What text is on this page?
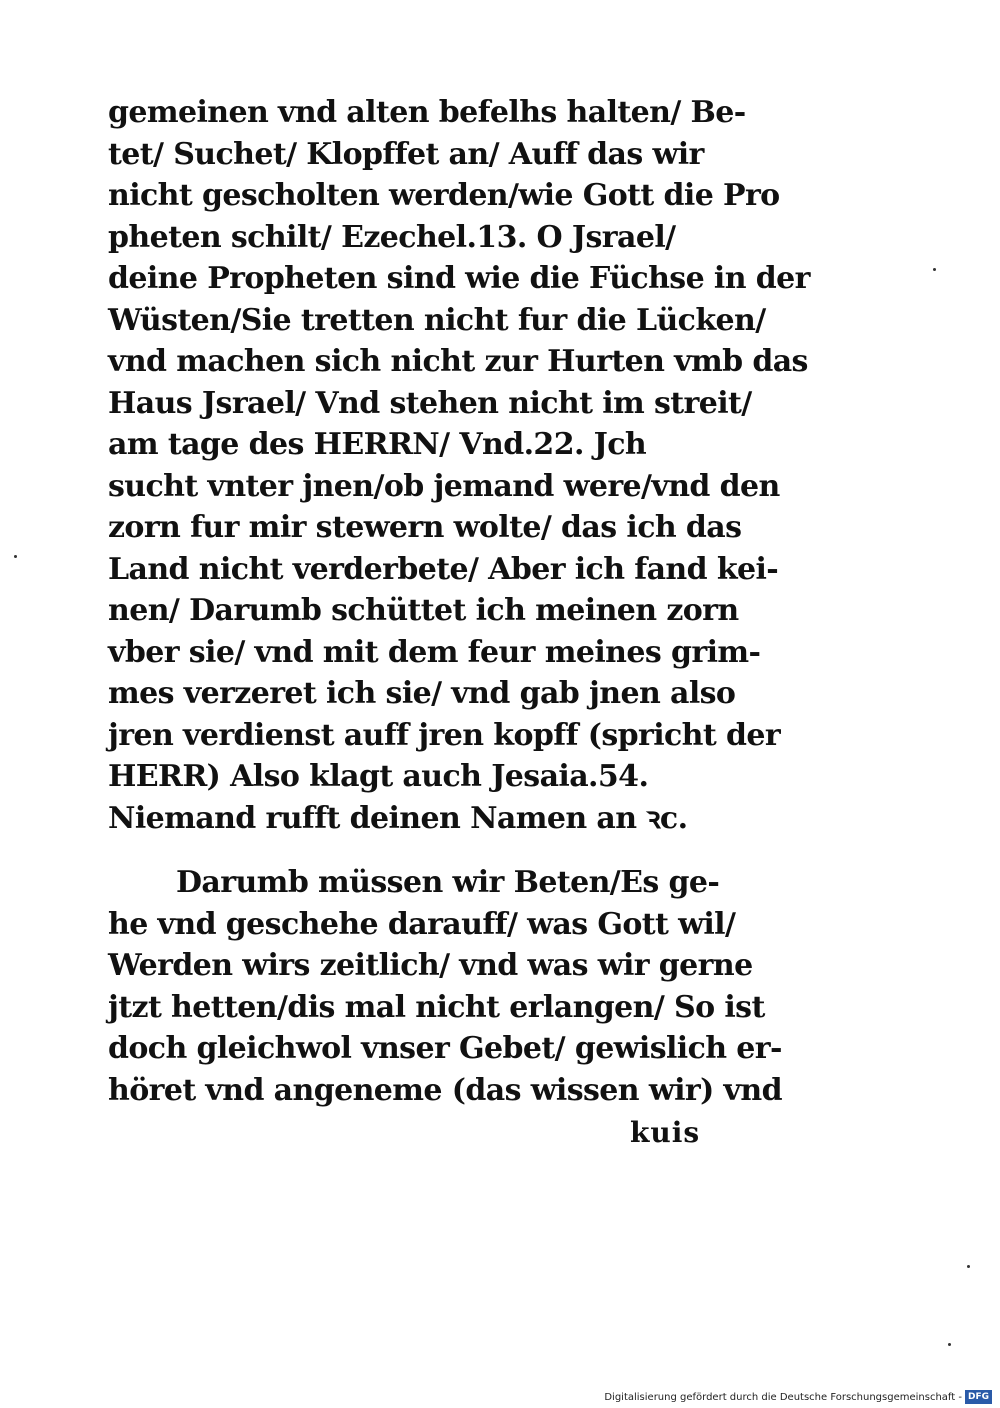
gemeinen vnd alten befelhs halten/ Be-
tet/ Suchet/ Klopffet an/ Auff das wir
nicht gescholten werden/wie Gott die Pro
pheten schilt/ Ezechel.13. O Jsrael/
deine Propheten sind wie die Füchse in der
Wüsten/Sie tretten nicht fur die Lücken/
vnd machen sich nicht zur Hurten vmb das
Haus Jsrael/ Vnd stehen nicht im streit/
am tage des HERRN/ Vnd.22. Jch
sucht vnter jnen/ob jemand were/vnd den
zorn fur mir stewern wolte/ das ich das
Land nicht verderbete/ Aber ich fand kei-
nen/ Darumb schüttet ich meinen zorn
vber sie/ vnd mit dem feur meines grim-
mes verzeret ich sie/ vnd gab jnen also
jren verdienst auff jren kopff (spricht der
HERR) Also klagt auch Jesaia.54.
Niemand rufft deinen Namen an ꝛc.
Darumb müssen wir Beten/Es ge-
he vnd geschehe darauff/ was Gott wil/
Werden wirs zeitlich/ vnd was wir gerne
jtzt hetten/dis mal nicht erlangen/ So ist
doch gleichwol vnser Gebet/ gewislich er-
höret vnd angeneme (das wissen wir) vnd
kuis
Digitalisierung gefördert durch die Deutsche Forschungsgemeinschaft - DFG
